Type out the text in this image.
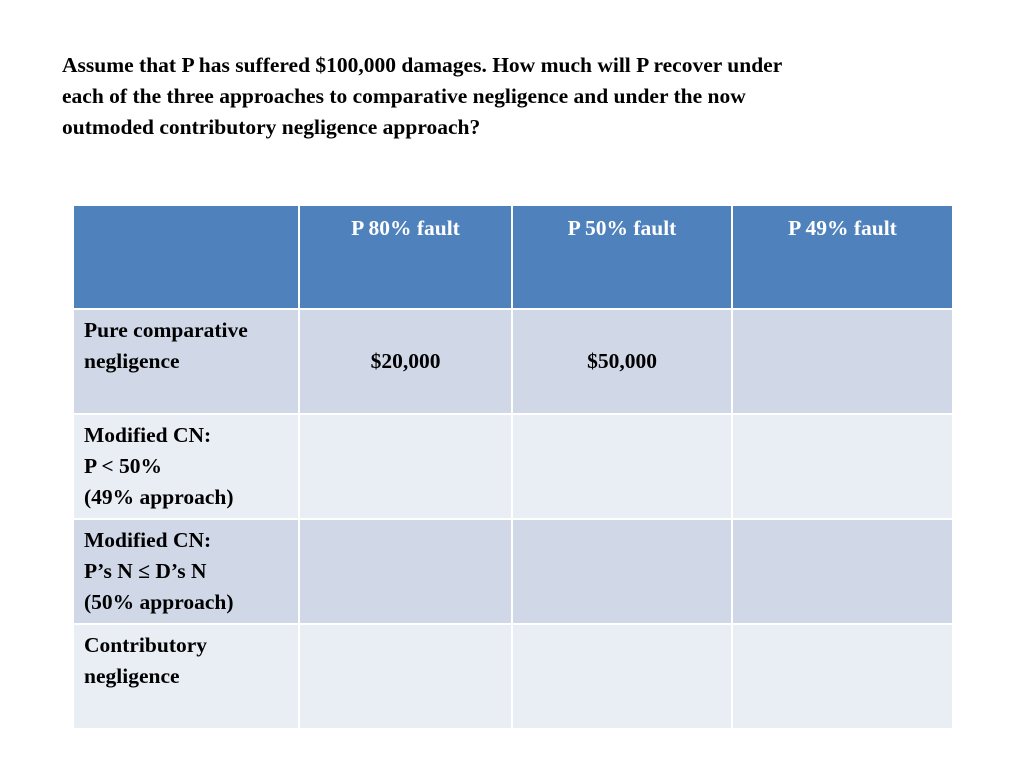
Assume that P has suffered $100,000 damages. How much will P recover under
each of the three approaches to comparative negligence and under the now
outmoded contributory negligence approach?

	P 80% fault	P 50% fault	P 49% fault

Pure comparative
negligence	$20,000	$50,000	

Modified CN:
P < 50%
(49% approach)			

Modified CN:
P’s N ≤ D’s N
(50% approach)			

Contributory
negligence			
